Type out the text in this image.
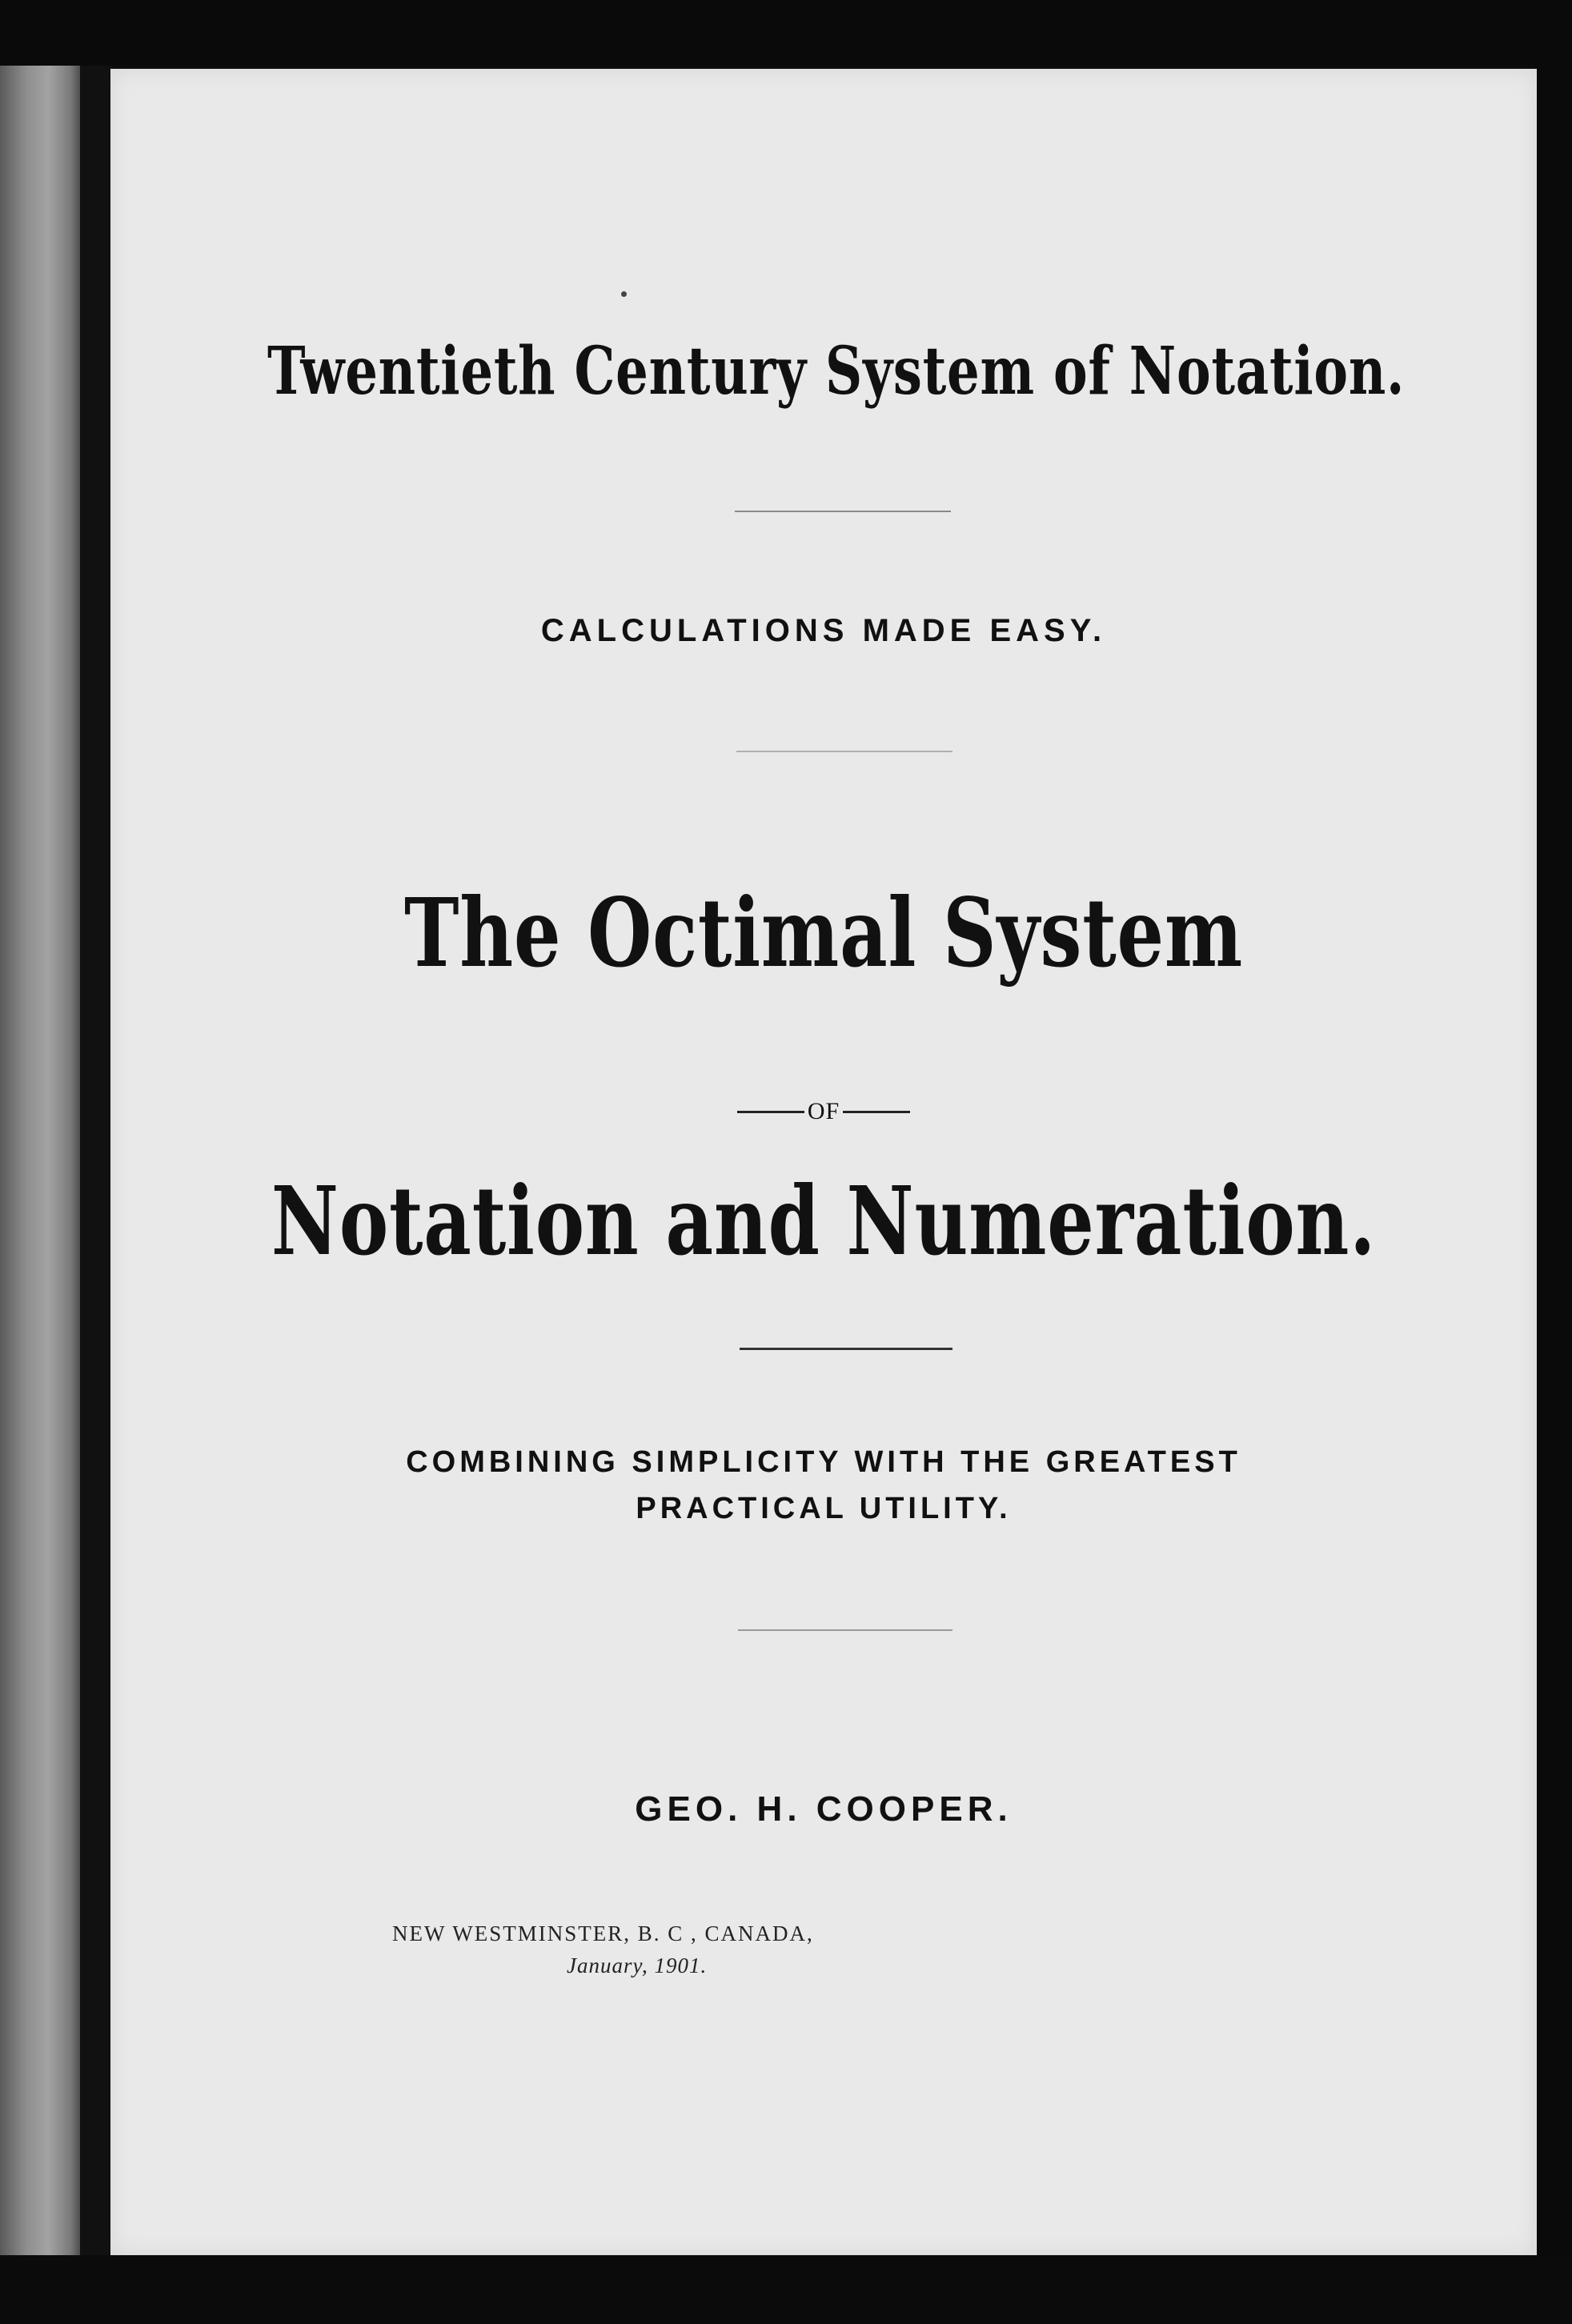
Twentieth Century System of Notation.
CALCULATIONS MADE EASY.
The Octimal System
OF
Notation and Numeration.
COMBINING SIMPLICITY WITH THE GREATEST
PRACTICAL UTILITY.
GEO. H. COOPER.
NEW WESTMINSTER, B. C , CANADA,
January, 1901.
